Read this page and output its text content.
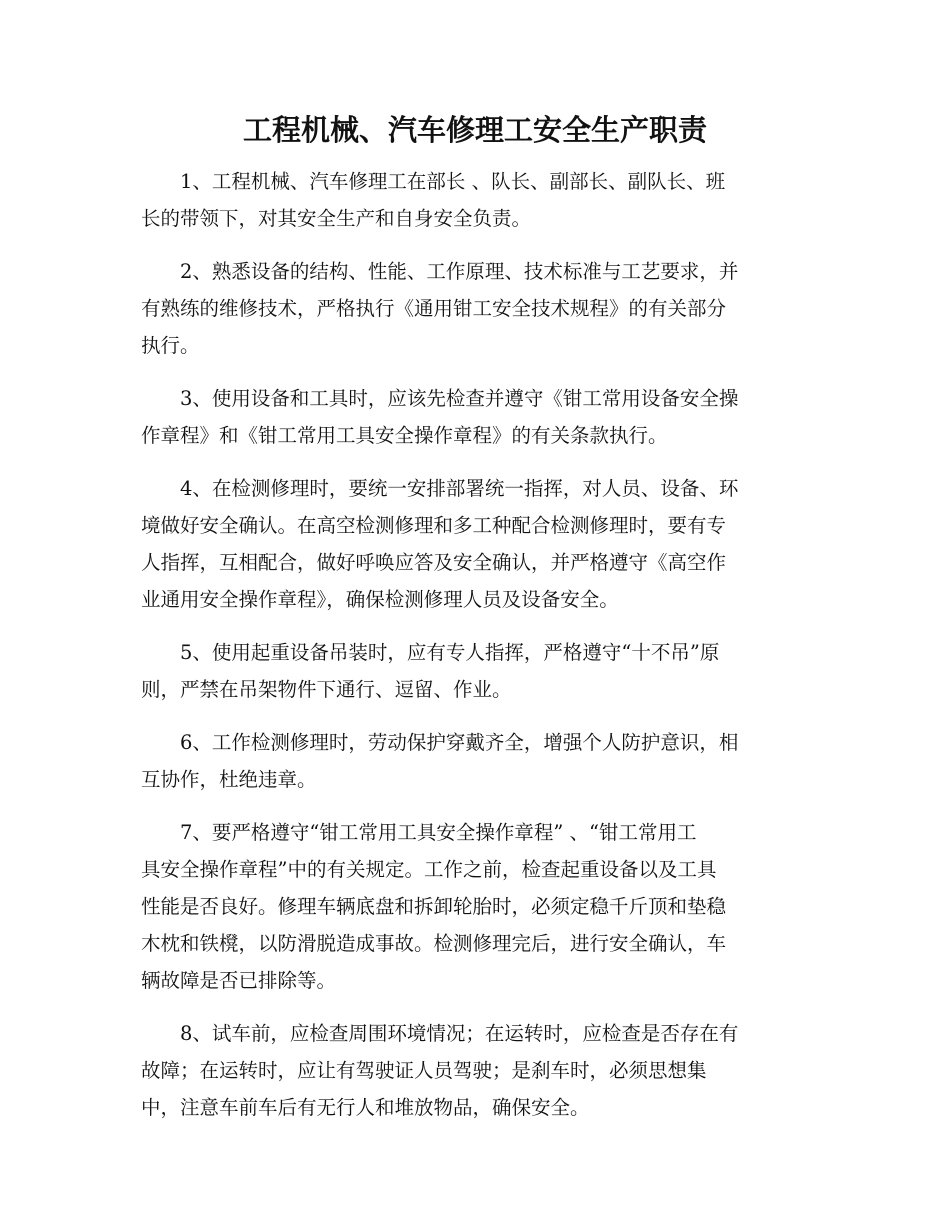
工程机械、汽车修理工安全生产职责
　　1、工程机械、汽车修理工在部长 、队长、副部长、副队长、班
长的带领下，对其安全生产和自身安全负责。
　　2、熟悉设备的结构、性能、工作原理、技术标准与工艺要求，并
有熟练的维修技术，严格执行《通用钳工安全技术规程》的有关部分
执行。
　　3、使用设备和工具时，应该先检查并遵守《钳工常用设备安全操
作章程》和《钳工常用工具安全操作章程》的有关条款执行。
　　4、在检测修理时，要统一安排部署统一指挥，对人员、设备、环
境做好安全确认。在高空检测修理和多工种配合检测修理时，要有专
人指挥，互相配合，做好呼唤应答及安全确认，并严格遵守《高空作
业通用安全操作章程》，确保检测修理人员及设备安全。
　　5、使用起重设备吊装时，应有专人指挥，严格遵守“十不吊”原
则，严禁在吊架物件下通行、逗留、作业。
　　6、工作检测修理时，劳动保护穿戴齐全，增强个人防护意识，相
互协作，杜绝违章。
　　7、要严格遵守“钳工常用工具安全操作章程” 、“钳工常用工
具安全操作章程”中的有关规定。工作之前，检查起重设备以及工具
性能是否良好。修理车辆底盘和拆卸轮胎时，必须定稳千斤顶和垫稳
木枕和铁櫈，以防滑脱造成事故。检测修理完后，进行安全确认，车
辆故障是否已排除等。
　　8、试车前，应检查周围环境情况；在运转时，应检查是否存在有
故障；在运转时，应让有驾驶证人员驾驶；是刹车时，必须思想集
中，注意车前车后有无行人和堆放物品，确保安全。
